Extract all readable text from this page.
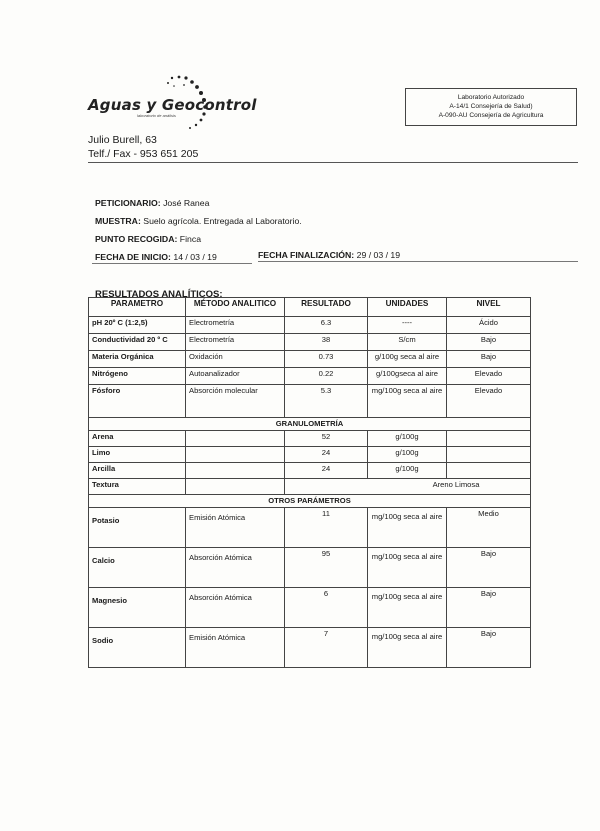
Aguas y Geocontrol
laboratorio de análisis
Laboratorio Autorizado
A-14/1 Consejería de Salud)
A-090-AU Consejería de Agricultura
Julio Burell, 63
Telf./ Fax - 953 651 205
PETICIONARIO: José Ranea
MUESTRA: Suelo agrícola. Entregada al Laboratorio.
PUNTO RECOGIDA: Finca
FECHA DE INICIO: 14 / 03 / 19	FECHA FINALIZACIÓN: 29 / 03 / 19
RESULTADOS ANALÍTICOS:
PARAMETRO	MÉTODO ANALITICO	RESULTADO	UNIDADES	NIVEL
pH 20º C (1:2,5)	Electrometría	6.3	----	Ácido
Conductividad 20 º C	Electrometría	38	S/cm	Bajo
Materia Orgánica	Oxidación	0.73	g/100g seca al aire	Bajo
Nitrógeno	Autoanalizador	0.22	g/100gseca al aire	Elevado
Fósforo	Absorción molecular	5.3	mg/100g seca al aire	Elevado
GRANULOMETRÍA				
Arena		52	g/100g	
Limo		24	g/100g	
Arcilla		24	g/100g	
Textura		Areno Limosa		
OTROS PARÁMETROS				
Potasio	Emisión Atómica	11	mg/100g seca al aire	Medio
Calcio	Absorción Atómica	95	mg/100g seca al aire	Bajo
Magnesio	Absorción Atómica	6	mg/100g seca al aire	Bajo
Sodio	Emisión Atómica	7	mg/100g seca al aire	Bajo
